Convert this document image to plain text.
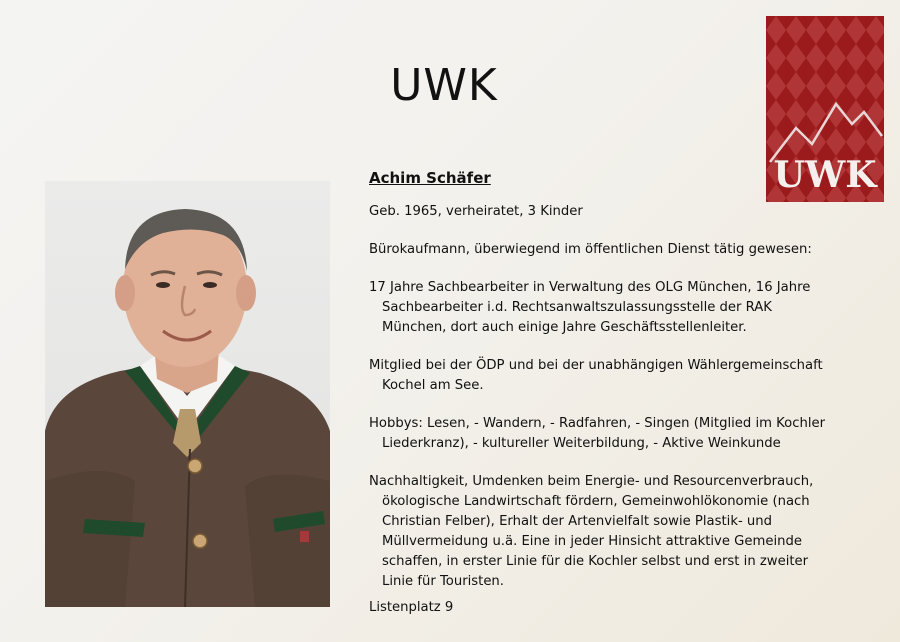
UWK
UWK

Achim Schäfer

Geb. 1965, verheiratet, 3 Kinder

Bürokaufmann, überwiegend im öffentlichen Dienst tätig gewesen:

17 Jahre Sachbearbeiter in Verwaltung des OLG München, 16 Jahre Sachbearbeiter i.d. Rechtsanwaltszulassungsstelle der RAK München, dort auch einige Jahre Geschäftsstellenleiter.

Mitglied bei der ÖDP und bei der unabhängigen Wählergemeinschaft Kochel am See.

Hobbys: Lesen, - Wandern, - Radfahren, - Singen (Mitglied im Kochler Liederkranz), - kultureller Weiterbildung, - Aktive Weinkunde

Nachhaltigkeit, Umdenken beim Energie- und Resourcenverbrauch, ökologische Landwirtschaft fördern, Gemeinwohlökonomie (nach Christian Felber), Erhalt der Artenvielfalt sowie Plastik- und Müllvermeidung u.ä. Eine in jeder Hinsicht attraktive Gemeinde schaffen, in erster Linie für die Kochler selbst und erst in zweiter Linie für Touristen.

Listenplatz 9
